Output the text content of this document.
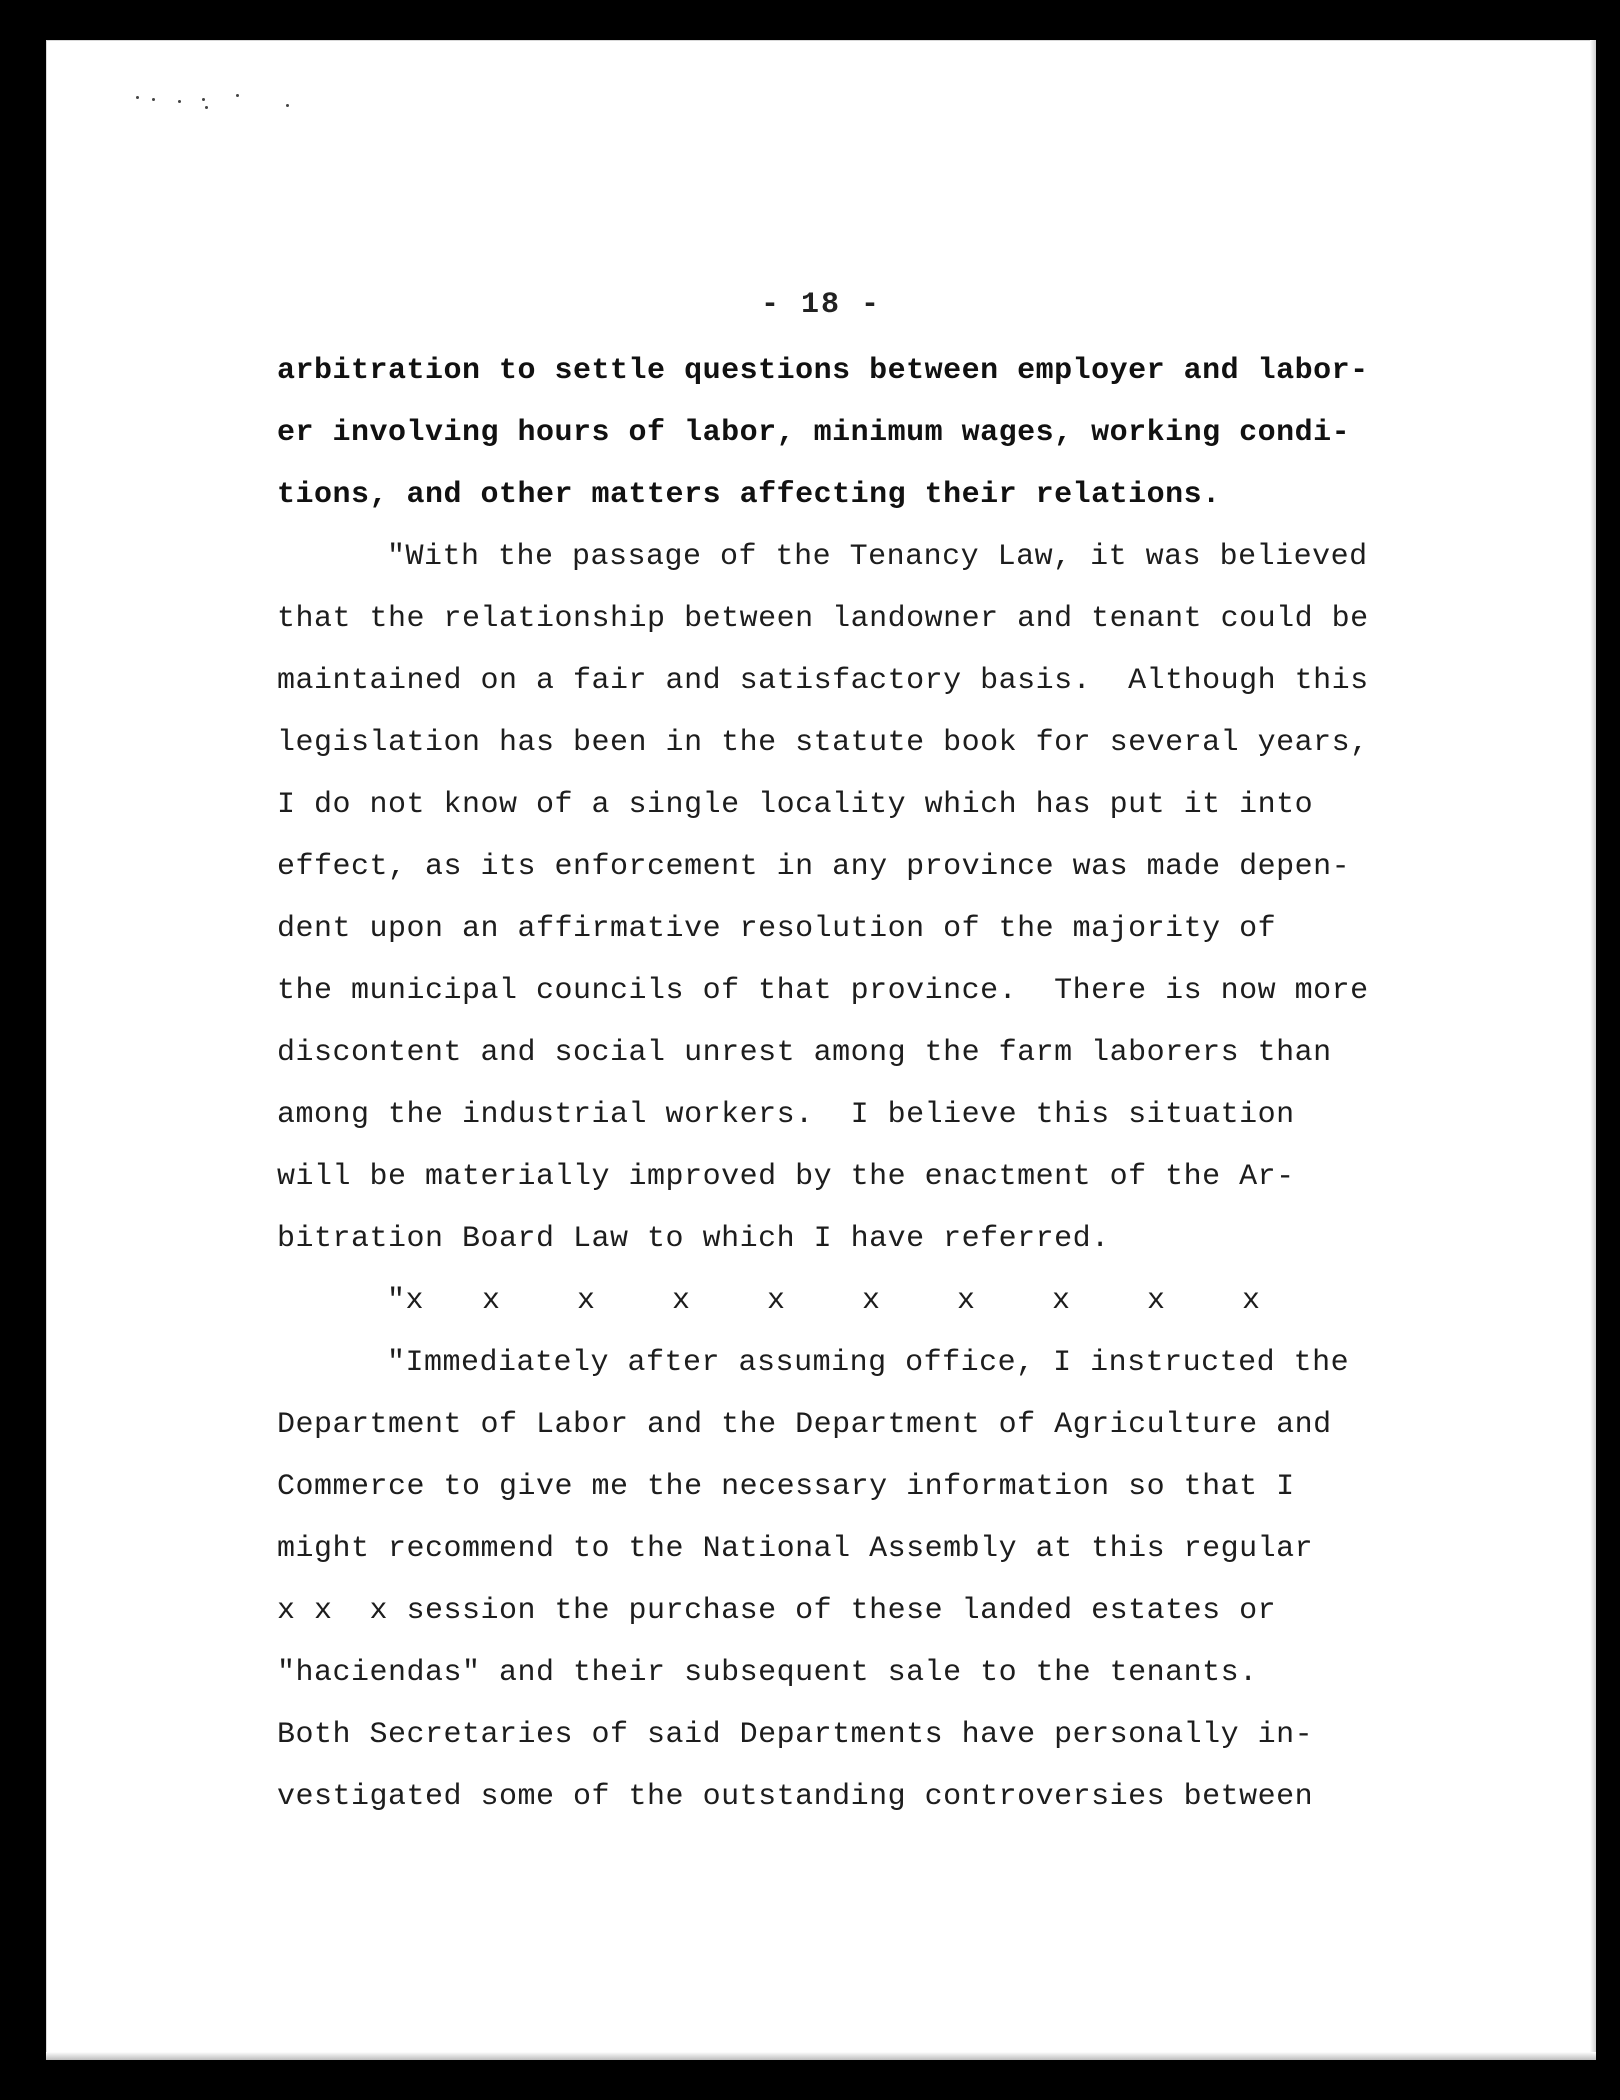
- 18 -
arbitration to settle questions between employer and labor-
er involving hours of labor, minimum wages, working condi-
tions, and other matters affecting their relations.
"With the passage of the Tenancy Law, it was believed
that the relationship between landowner and tenant could be
maintained on a fair and satisfactory basis.  Although this
legislation has been in the statute book for several years,
I do not know of a single locality which has put it into
effect, as its enforcement in any province was made depen-
dent upon an affirmative resolution of the majority of
the municipal councils of that province.  There is now more
discontent and social unrest among the farm laborers than
among the industrial workers.  I believe this situation
will be materially improved by the enactment of the Ar-
bitration Board Law to which I have referred.
"x	x	x	x	x	x	x	x	x	x
"Immediately after assuming office, I instructed the
Department of Labor and the Department of Agriculture and
Commerce to give me the necessary information so that I
might recommend to the National Assembly at this regular
x x  x session the purchase of these landed estates or
"haciendas" and their subsequent sale to the tenants.
Both Secretaries of said Departments have personally in-
vestigated some of the outstanding controversies between
